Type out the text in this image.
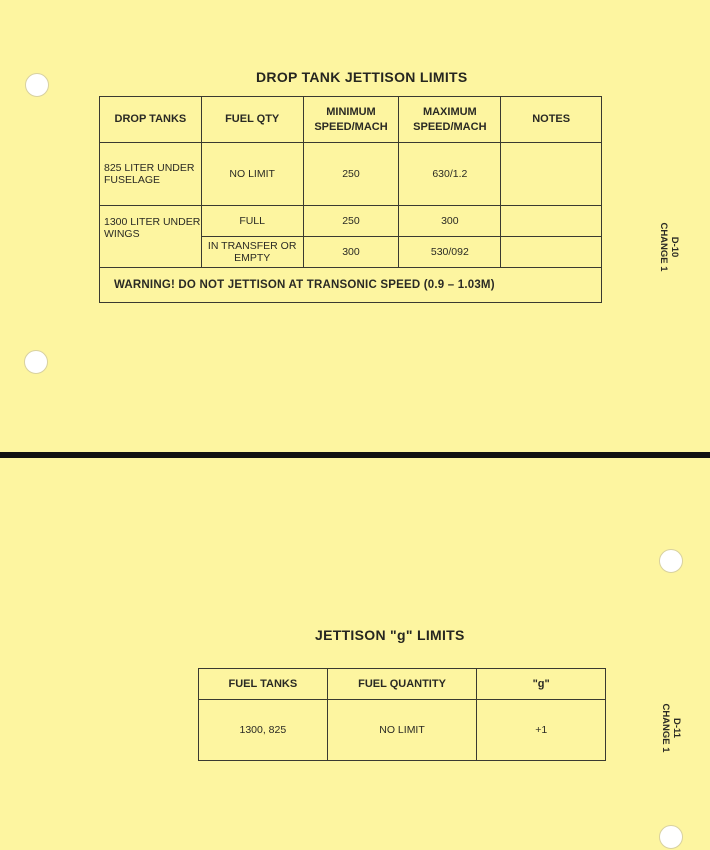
DROP TANK JETTISON LIMITS
DROP TANKS	FUEL QTY	MINIMUM SPEED/MACH	MAXIMUM SPEED/MACH	NOTES
825 LITER UNDER FUSELAGE	NO LIMIT	250	630/1.2	
1300 LITER UNDER WINGS	FULL	250	300	
	IN TRANSFER OR EMPTY	300	530/092	
WARNING! DO NOT JETTISON AT TRANSONIC SPEED (0.9 – 1.03M)				
D-10
CHANGE 1
JETTISON "g" LIMITS
FUEL TANKS	FUEL QUANTITY	"g"
1300, 825	NO LIMIT	+1	D-11
CHANGE 1
